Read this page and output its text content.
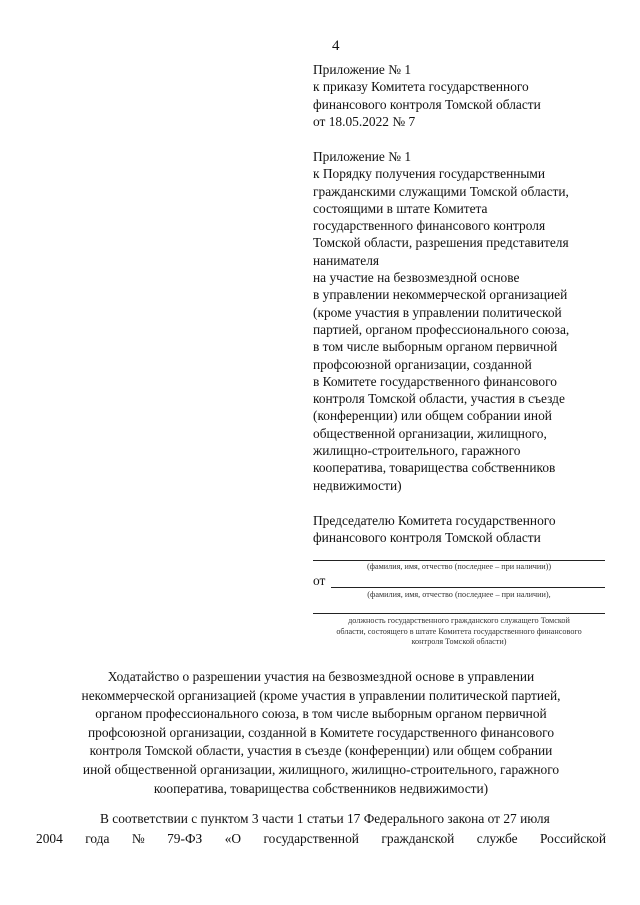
4
Приложение № 1
к приказу Комитета государственного
финансового контроля Томской области
от 18.05.2022 № 7
Приложение № 1
к Порядку получения государственными
гражданскими служащими Томской области,
состоящими в штате Комитета
государственного финансового контроля
Томской области, разрешения представителя
нанимателя
на участие на безвозмездной основе
в управлении некоммерческой организацией
(кроме участия в управлении политической
партией, органом профессионального союза,
в том числе выборным органом первичной
профсоюзной организации, созданной
в Комитете государственного финансового
контроля Томской области, участия в съезде
(конференции) или общем собрании иной
общественной организации, жилищного,
жилищно-строительного, гаражного
кооператива, товарищества собственников
недвижимости)
Председателю Комитета государственного
финансового контроля Томской области
(фамилия, имя, отчество (последнее – при наличии))
от
(фамилия, имя, отчество (последнее – при наличии),
должность государственного гражданского служащего Томской
области, состоящего в штате Комитета государственного финансового
контроля Томской области)
Ходатайство о разрешении участия на безвозмездной основе в управлении
некоммерческой организацией (кроме участия в управлении политической партией,
органом профессионального союза, в том числе выборным органом первичной
профсоюзной организации, созданной в Комитете государственного финансового
контроля Томской области, участия в съезде (конференции) или общем собрании
иной общественной организации, жилищного, жилищно-строительного, гаражного
кооператива, товарищества собственников недвижимости)
В соответствии с пунктом 3 части 1 статьи 17 Федерального закона от 27 июля
2004 года № 79-ФЗ «О государственной гражданской службе Российской
